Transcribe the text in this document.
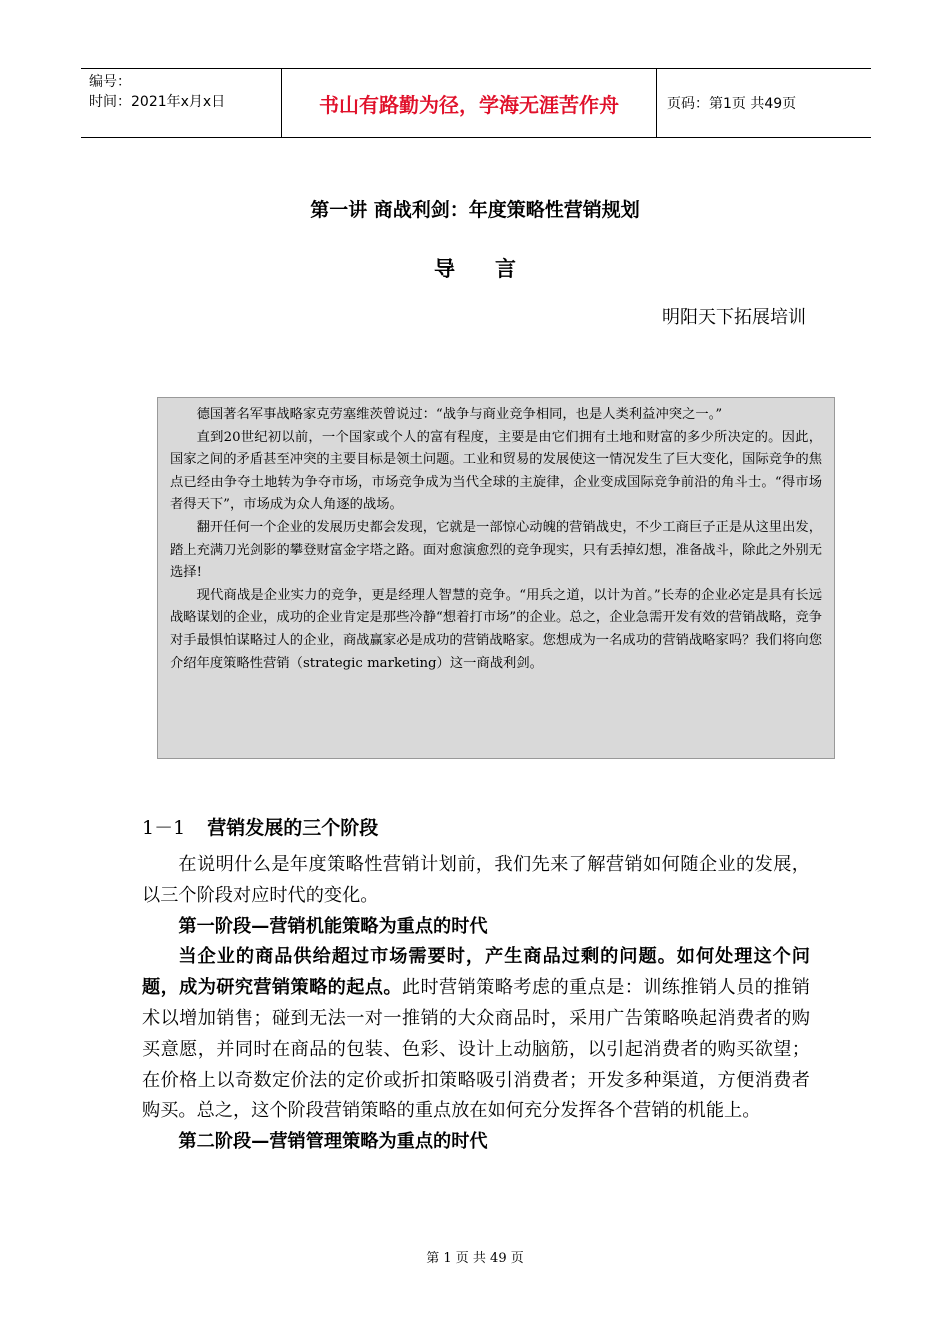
编号：
时间：2021年x月x日	书山有路勤为径，学海无涯苦作舟	页码：第1页 共49页
第一讲 商战利剑：年度策略性营销规划
导言
明阳天下拓展培训

德国著名军事战略家克劳塞维茨曾说过：“战争与商业竞争相同，也是人类利益冲突之一。”

直到20世纪初以前，一个国家或个人的富有程度，主要是由它们拥有土地和财富的多少所决定的。因此，国家之间的矛盾甚至冲突的主要目标是领土问题。工业和贸易的发展使这一情况发生了巨大变化，国际竞争的焦点已经由争夺土地转为争夺市场，市场竞争成为当代全球的主旋律，企业变成国际竞争前沿的角斗士。“得市场者得天下”，市场成为众人角逐的战场。

翻开任何一个企业的发展历史都会发现，它就是一部惊心动魄的营销战史，不少工商巨子正是从这里出发，踏上充满刀光剑影的攀登财富金字塔之路。面对愈演愈烈的竞争现实，只有丢掉幻想，准备战斗，除此之外别无选择!

现代商战是企业实力的竞争，更是经理人智慧的竞争。“用兵之道，以计为首。”长寿的企业必定是具有长远战略谋划的企业，成功的企业肯定是那些冷静“想着打市场”的企业。总之，企业急需开发有效的营销战略，竞争对手最惧怕谋略过人的企业，商战赢家必是成功的营销战略家。您想成为一名成功的营销战略家吗？我们将向您介绍年度策略性营销（strategic marketing）这一商战利剑。

1－1 营销发展的三个阶段

在说明什么是年度策略性营销计划前，我们先来了解营销如何随企业的发展，以三个阶段对应时代的变化。

第一阶段—营销机能策略为重点的时代

当企业的商品供给超过市场需要时，产生商品过剩的问题。如何处理这个问题，成为研究营销策略的起点。此时营销策略考虑的重点是：训练推销人员的推销术以增加销售；碰到无法一对一推销的大众商品时，采用广告策略唤起消费者的购买意愿，并同时在商品的包装、色彩、设计上动脑筋，以引起消费者的购买欲望；在价格上以奇数定价法的定价或折扣策略吸引消费者；开发多种渠道，方便消费者购买。总之，这个阶段营销策略的重点放在如何充分发挥各个营销的机能上。

第二阶段—营销管理策略为重点的时代

第 1 页 共 49 页
